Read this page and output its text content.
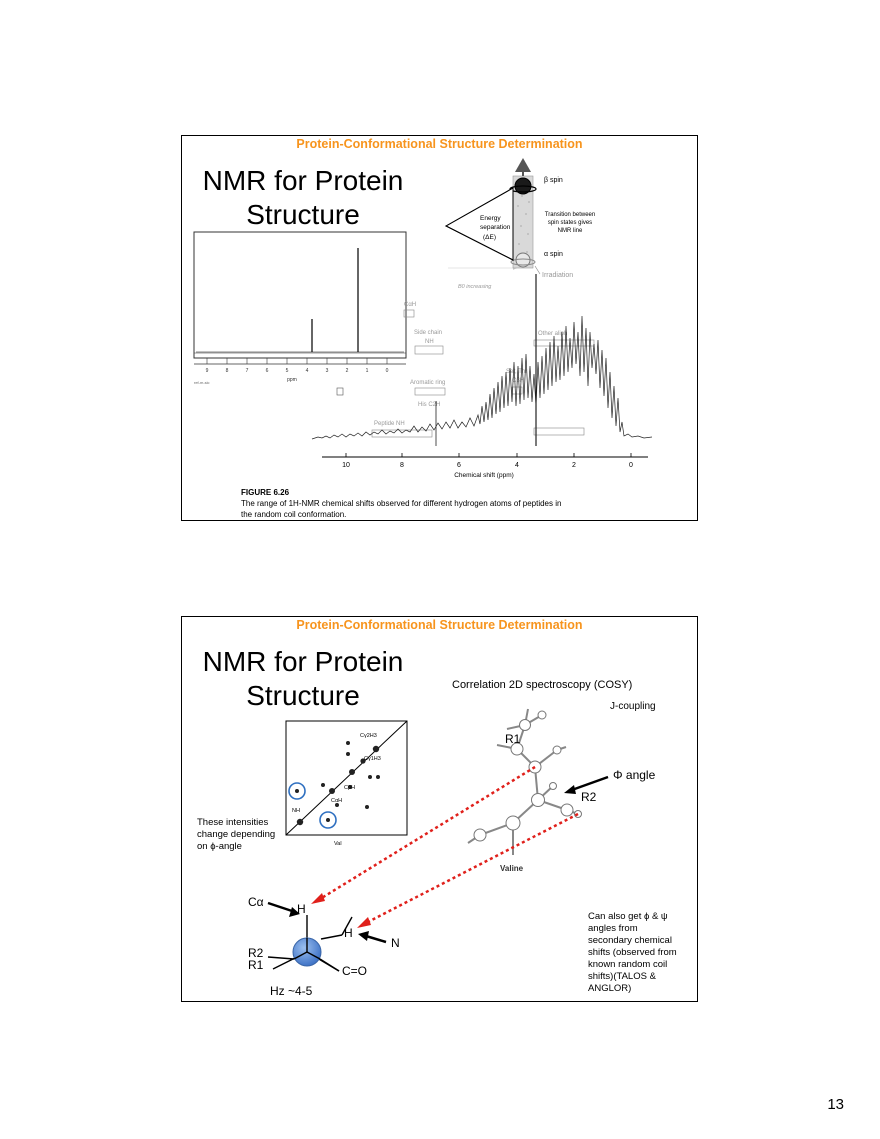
Protein-Conformational Structure Determination
NMR for Protein
Structure
9	8	7	6	5	4	3	2	1	0
ppm
ref-m-sic
Energy
separation
(ΔE)
β spin
α spin
Transition between
spin states gives
NMR line
Irradiation
B0 increasing
CαH
Side chain
NH
Other aliph
Aromatic ring
His C2H
Ser, Thr
CβH
Peptide NH
10	8	6	4	2	0
Chemical shift (ppm)
FIGURE 6.26
The range of 1H-NMR chemical shifts observed for different hydrogen atoms of peptides in
the random coil conformation.
Protein-Conformational Structure Determination
NMR for Protein
Structure	Correlation 2D spectroscopy (COSY)
J-coupling
These intensities
change depending
on ϕ-angle
Can also get ϕ & ψ
angles from
secondary chemical
shifts (observed from
known random coil
shifts)(TALOS &
ANGLOR)
Cγ2H3
Cγ1H3
CβH
CαH
NH
Val
R1
R2
Φ angle
Valine
Cα	H
H
N
R2
R1	C=O
Hz ~4-5
13
